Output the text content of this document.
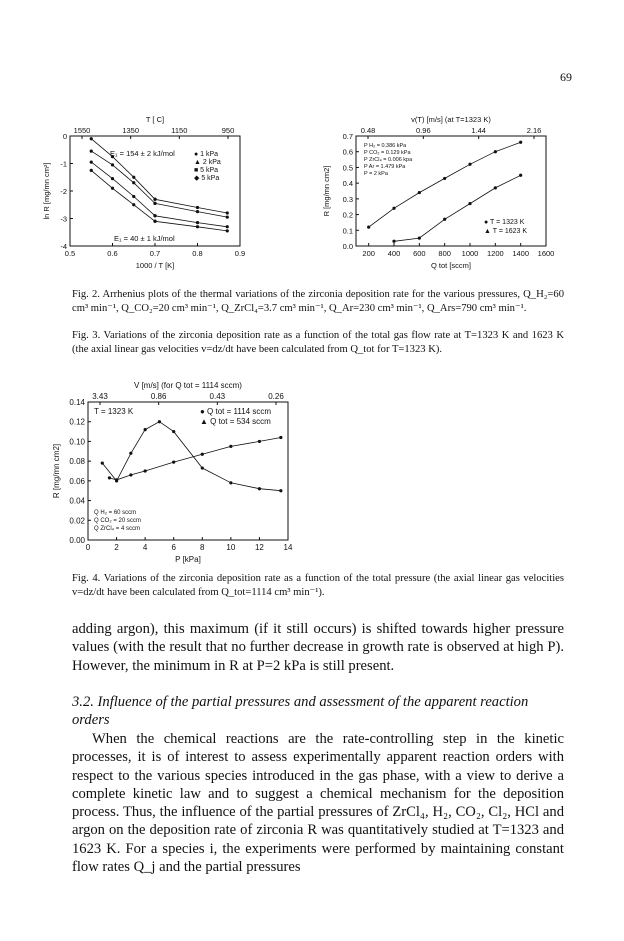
69
0.5	0.6	0.7	0.8	0.9
0
-1
-2
-3
-4
1550	1350	1150	950
T [ C]
1000 / T [K]
ln R [mg/mn cm²]
E₁ = 154 ± 2 kJ/mol
E₁ = 40 ± 1 kJ/mol
● 1 kPa
▲ 2 kPa
■ 5 kPa
◆ 5 kPa
200 400 600 800 1000 1200 1400 1600
0.0
0.1
0.2
0.3
0.4
0.5
0.6
0.7
0.48	0.96	1.44	2.16
v(T) [m/s] (at T=1323 K)
Q tot [sccm]
R [mg/mn cm2]
P H₂ = 0.386 kPa
P CO₂ = 0.129 kPa
P ZrCl₄ = 0.006 kpa
P Ar = 1.479 kPa
P = 2 kPa
● T = 1323 K
▲ T = 1623 K
Fig. 2. Arrhenius plots of the thermal variations of the zirconia deposition rate for the various pressures, Q_H₂=60 cm³ min⁻¹, Q_CO₂=20 cm³ min⁻¹, Q_ZrCl₄=3.7 cm³ min⁻¹, Q_Ar=230 cm³ min⁻¹, Q_Ars=790 cm³ min⁻¹.
Fig. 3. Variations of the zirconia deposition rate as a function of the total gas flow rate at T=1323 K and 1623 K (the axial linear gas velocities v=dz/dt have been calculated from Q_tot for T=1323 K).
0	2	4	6	8	10 12 14
0.00
0.02
0.04
0.06
0.08
0.10
0.12
0.14
3.43	0.86	0.43	0.26
V [m/s] (for Q tot = 1114 sccm)
P [kPa]
R [mg/mn cm2]
T = 1323 K	● Q tot = 1114 sccm
▲ Q tot = 534 sccm
Q H₂ = 60 sccm
Q CO₂ = 20 sccm
Q ZrCl₄ = 4 sccm
Fig. 4. Variations of the zirconia deposition rate as a function of the total pressure (the axial linear gas velocities v=dz/dt have been calculated from Q_tot=1114 cm³ min⁻¹).
adding argon), this maximum (if it still occurs) is shifted towards higher pressure values (with the result that no further decrease in growth rate is observed at high P). However, the minimum in R at P=2 kPa is still present.
3.2. Influence of the partial pressures and assessment of the apparent reaction orders
When the chemical reactions are the rate-controlling step in the kinetic processes, it is of interest to assess experimentally apparent reaction orders with respect to the various species introduced in the gas phase, with a view to derive a complete kinetic law and to suggest a chemical mechanism for the deposition process. Thus, the influence of the partial pressures of ZrCl₄, H₂, CO₂, Cl₂, HCl and argon on the deposition rate of zirconia R was quantitatively studied at T=1323 and 1623 K. For a species i, the experiments were performed by maintaining constant flow rates Q_j and the partial pressures
